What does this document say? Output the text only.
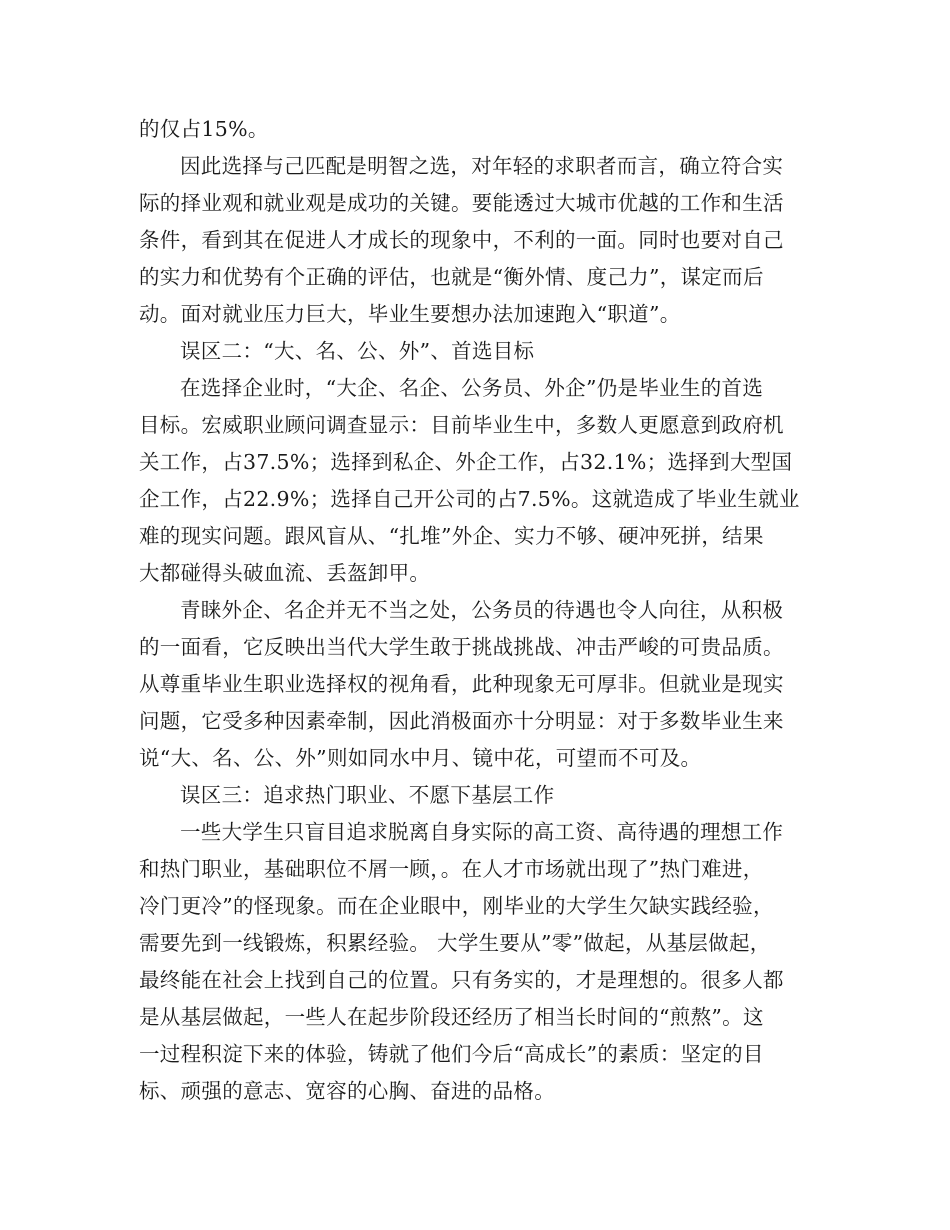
的仅占15%。
因此选择与己匹配是明智之选，对年轻的求职者而言，确立符合实
际的择业观和就业观是成功的关键。要能透过大城市优越的工作和生活
条件，看到其在促进人才成长的现象中，不利的一面。同时也要对自己
的实力和优势有个正确的评估，也就是“衡外情、度己力”，谋定而后
动。面对就业压力巨大，毕业生要想办法加速跑入“职道”。
误区二：“大、名、公、外”、首选目标
在选择企业时，“大企、名企、公务员、外企”仍是毕业生的首选
目标。宏威职业顾问调查显示：目前毕业生中，多数人更愿意到政府机
关工作，占37.5%；选择到私企、外企工作，占32.1%；选择到大型国
企工作，占22.9%；选择自己开公司的占7.5%。这就造成了毕业生就业
难的现实问题。跟风盲从、“扎堆”外企、实力不够、硬冲死拼，结果
大都碰得头破血流、丢盔卸甲。
青睐外企、名企并无不当之处，公务员的待遇也令人向往，从积极
的一面看，它反映出当代大学生敢于挑战挑战、冲击严峻的可贵品质。
从尊重毕业生职业选择权的视角看，此种现象无可厚非。但就业是现实
问题，它受多种因素牵制，因此消极面亦十分明显：对于多数毕业生来
说“大、名、公、外”则如同水中月、镜中花，可望而不可及。
误区三：追求热门职业、不愿下基层工作
一些大学生只盲目追求脱离自身实际的高工资、高待遇的理想工作
和热门职业，基础职位不屑一顾，。在人才市场就出现了”热门难进，
冷门更冷”的怪现象。而在企业眼中，刚毕业的大学生欠缺实践经验，
需要先到一线锻炼，积累经验。 大学生要从”零”做起，从基层做起，
最终能在社会上找到自己的位置。只有务实的，才是理想的。很多人都
是从基层做起，一些人在起步阶段还经历了相当长时间的“煎熬”。这
一过程积淀下来的体验，铸就了他们今后“高成长”的素质：坚定的目
标、顽强的意志、宽容的心胸、奋进的品格。
